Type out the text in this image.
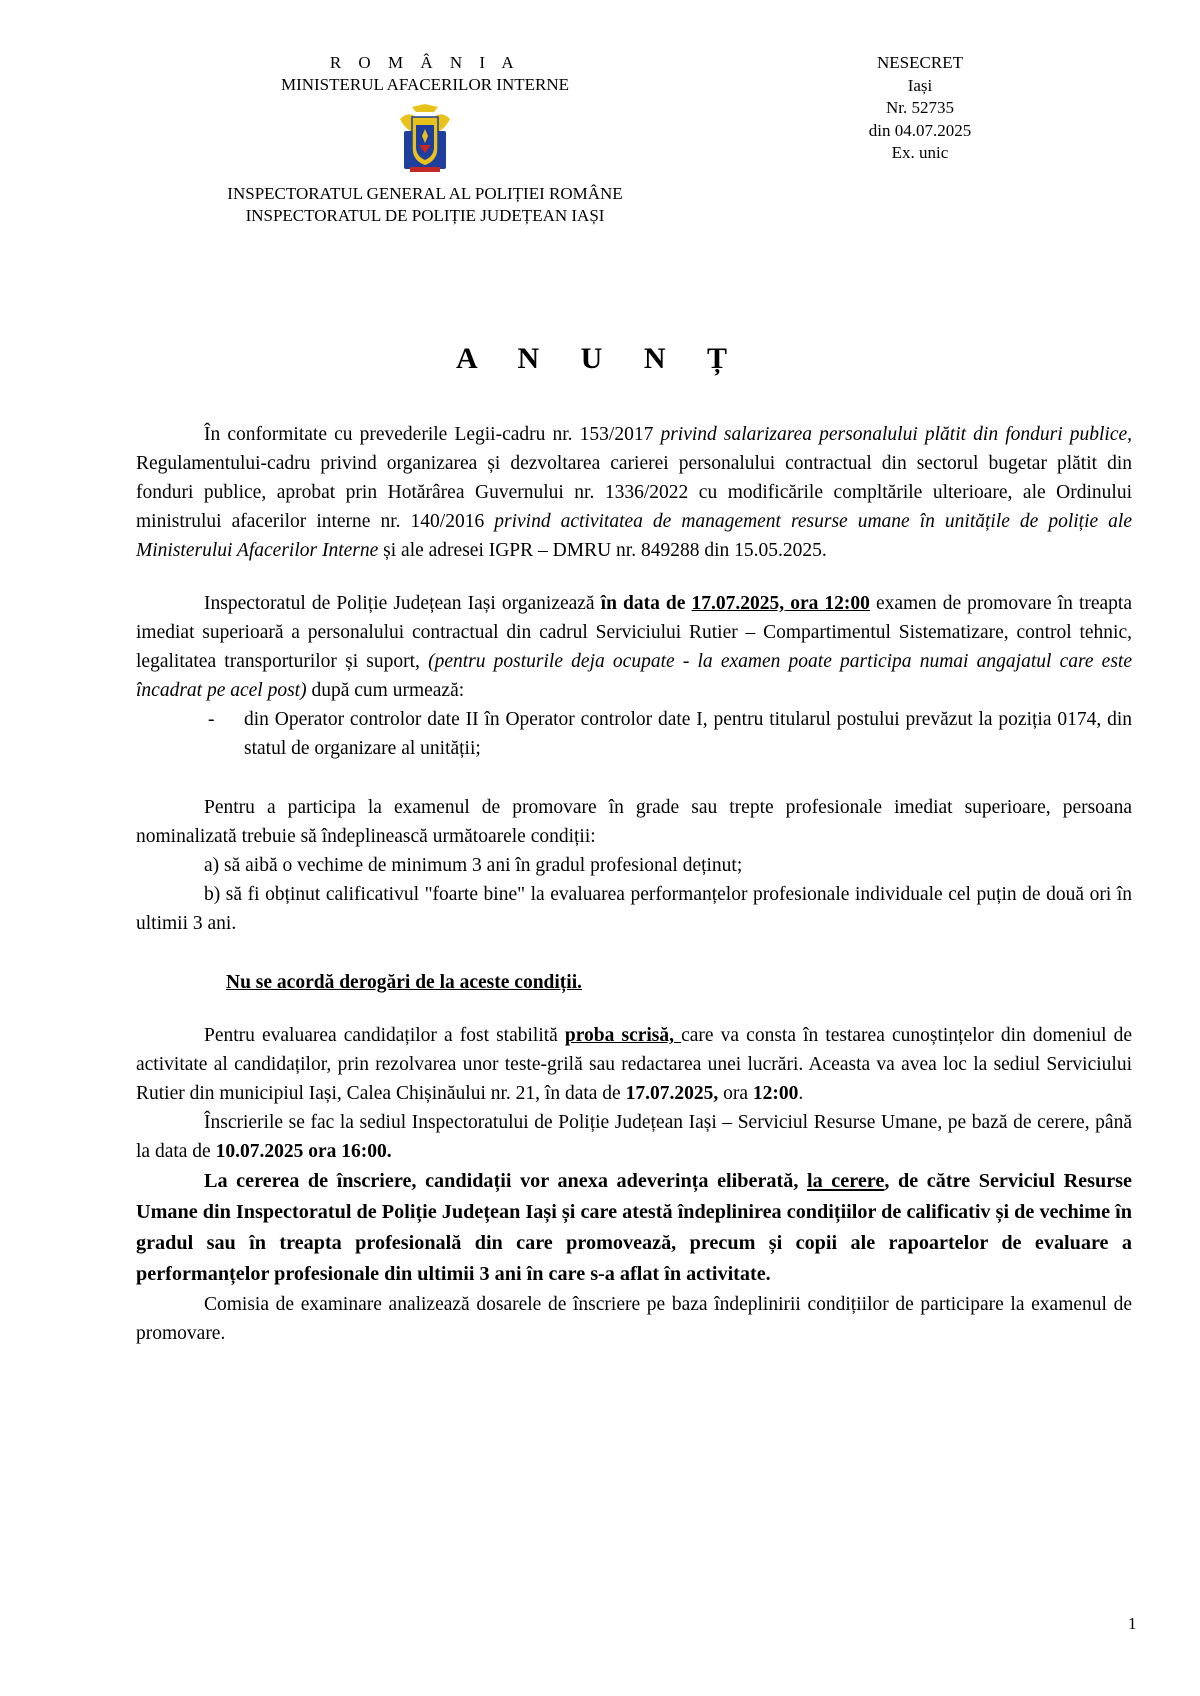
R O M Â N I A
MINISTERUL AFACERILOR INTERNE
INSPECTORATUL GENERAL AL POLIȚIEI ROMÂNE
INSPECTORATUL DE POLIȚIE JUDEȚEAN IAȘI
NESECRET
Iași
Nr. 52735
din 04.07.2025
Ex. unic
A N U N Ț

În conformitate cu prevederile Legii-cadru nr. 153/2017 privind salarizarea personalului plătit din fonduri publice, Regulamentului-cadru privind organizarea și dezvoltarea carierei personalului contractual din sectorul bugetar plătit din fonduri publice, aprobat prin Hotărârea Guvernului nr. 1336/2022 cu modificările compltările ulterioare, ale Ordinului ministrului afacerilor interne nr. 140/2016 privind activitatea de management resurse umane în unitățile de poliție ale Ministerului Afacerilor Interne și ale adresei IGPR – DMRU nr. 849288 din 15.05.2025.

Inspectoratul de Poliție Județean Iași organizează în data de 17.07.2025, ora 12:00 examen de promovare în treapta imediat superioară a personalului contractual din cadrul Serviciului Rutier – Compartimentul Sistematizare, control tehnic, legalitatea transporturilor și suport, (pentru posturile deja ocupate - la examen poate participa numai angajatul care este încadrat pe acel post) după cum urmează:

-	din Operator controlor date II în Operator controlor date I, pentru titularul postului prevăzut la poziția 0174, din statul de organizare al unității;

Pentru a participa la examenul de promovare în grade sau trepte profesionale imediat superioare, persoana nominalizată trebuie să îndeplinească următoarele condiții:

a) să aibă o vechime de minimum 3 ani în gradul profesional deținut;

b) să fi obținut calificativul "foarte bine" la evaluarea performanțelor profesionale individuale cel puțin de două ori în ultimii 3 ani.

Nu se acordă derogări de la aceste condiții.

Pentru evaluarea candidaților a fost stabilită proba scrisă, care va consta în testarea cunoștințelor din domeniul de activitate al candidaților, prin rezolvarea unor teste-grilă sau redactarea unei lucrări. Aceasta va avea loc la sediul Serviciului Rutier din municipiul Iași, Calea Chișinăului nr. 21, în data de 17.07.2025, ora 12:00.

Înscrierile se fac la sediul Inspectoratului de Poliție Județean Iași – Serviciul Resurse Umane, pe bază de cerere, până la data de 10.07.2025 ora 16:00.

La cererea de înscriere, candidații vor anexa adeverința eliberată, la cerere, de către Serviciul Resurse Umane din Inspectoratul de Poliție Județean Iași și care atestă îndeplinirea condițiilor de calificativ și de vechime în gradul sau în treapta profesională din care promovează, precum și copii ale rapoartelor de evaluare a performanțelor profesionale din ultimii 3 ani în care s-a aflat în activitate.

Comisia de examinare analizează dosarele de înscriere pe baza îndeplinirii condițiilor de participare la examenul de promovare.

1
